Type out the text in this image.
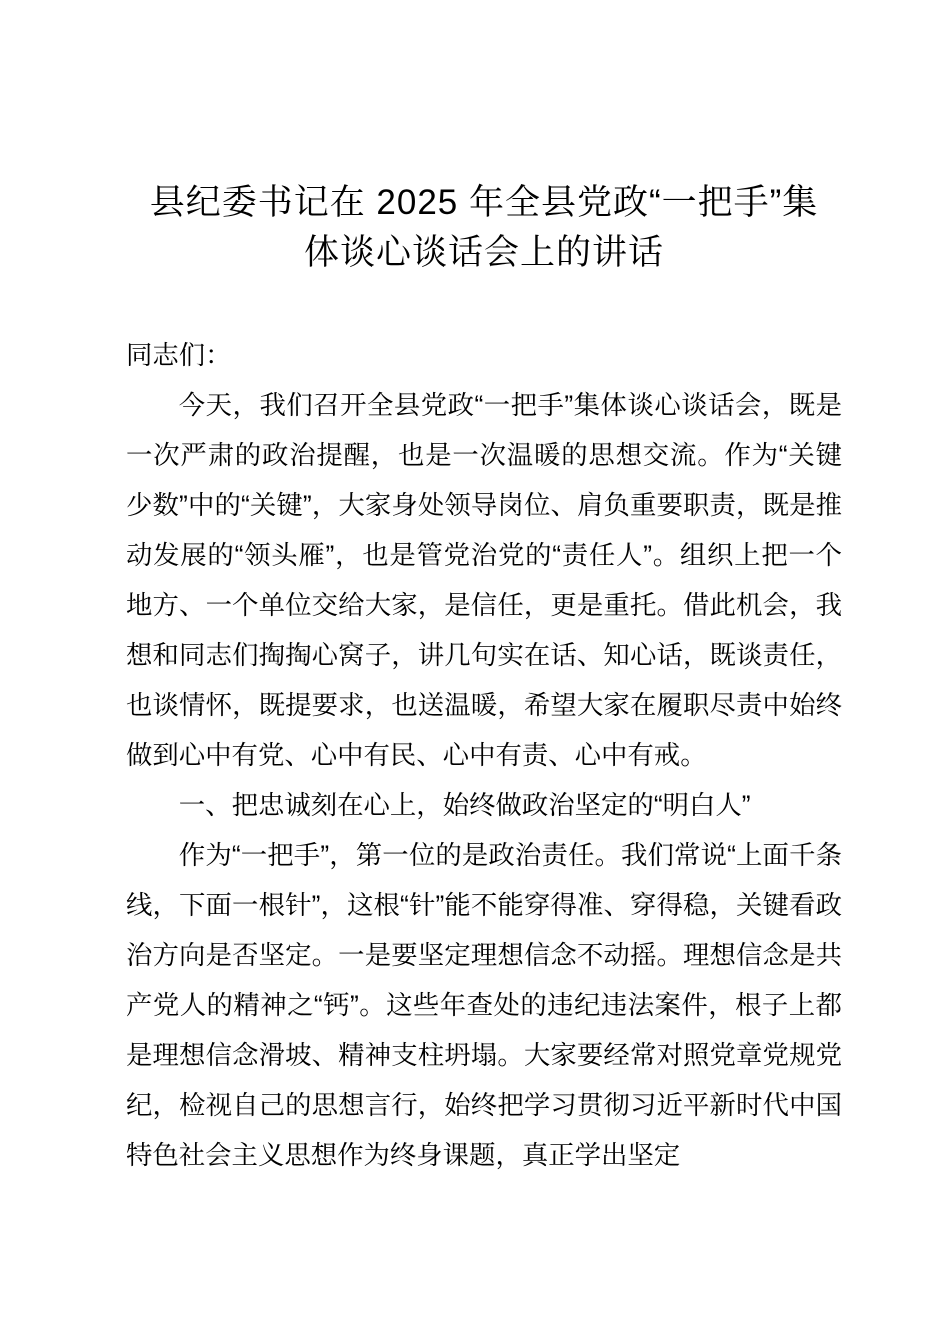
县纪委书记在 2025 年全县党政“一把手”集
体谈心谈话会上的讲话

同志们：

今天，我们召开全县党政“一把手”集体谈心谈话会，既是一次严肃的政治提醒，也是一次温暖的思想交流。作为“关键少数”中的“关键”，大家身处领导岗位、肩负重要职责，既是推动发展的“领头雁”，也是管党治党的“责任人”。组织上把一个地方、一个单位交给大家，是信任，更是重托。借此机会，我想和同志们掏掏心窝子，讲几句实在话、知心话，既谈责任，也谈情怀，既提要求，也送温暖，希望大家在履职尽责中始终做到心中有党、心中有民、心中有责、心中有戒。

一、把忠诚刻在心上，始终做政治坚定的“明白人”

作为“一把手”，第一位的是政治责任。我们常说“上面千条线，下面一根针”，这根“针”能不能穿得准、穿得稳，关键看政治方向是否坚定。一是要坚定理想信念不动摇。理想信念是共产党人的精神之“钙”。这些年查处的违纪违法案件，根子上都是理想信念滑坡、精神支柱坍塌。大家要经常对照党章党规党纪，检视自己的思想言行，始终把学习贯彻习近平新时代中国特色社会主义思想作为终身课题，真正学出坚定
